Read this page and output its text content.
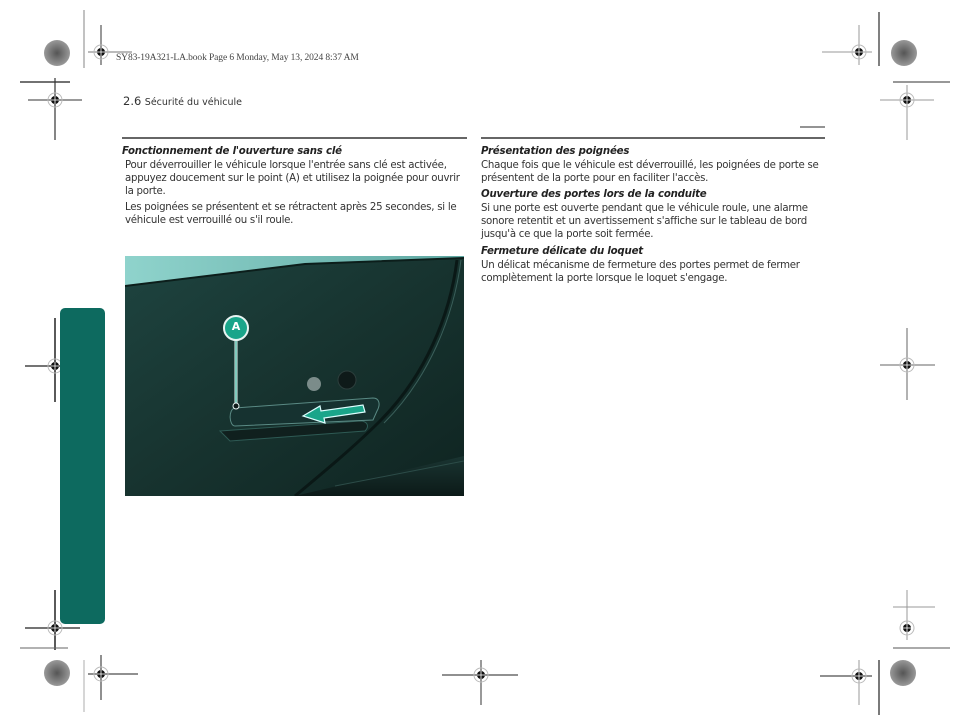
SY83-19A321-LA.book Page 6 Monday, May 13, 2024 8:37 AM
2.6 Sécurité du véhicule
Fonctionnement de l'ouverture sans clé
Pour déverrouiller le véhicule lorsque l'entrée sans clé est activée, appuyez doucement sur le point (A) et utilisez la poignée pour ouvrir la porte.
Les poignées se présentent et se rétractent après 25 secondes, si le véhicule est verrouillé ou s'il roule.
A
Présentation des poignées
Chaque fois que le véhicule est déverrouillé, les poignées de porte se présentent de la porte pour en faciliter l'accès.
Ouverture des portes lors de la conduite
Si une porte est ouverte pendant que le véhicule roule, une alarme sonore retentit et un avertissement s'affiche sur le tableau de bord jusqu'à ce que la porte soit fermée.
Fermeture délicate du loquet
Un délicat mécanisme de fermeture des portes permet de fermer complètement la porte lorsque le loquet s'engage.
